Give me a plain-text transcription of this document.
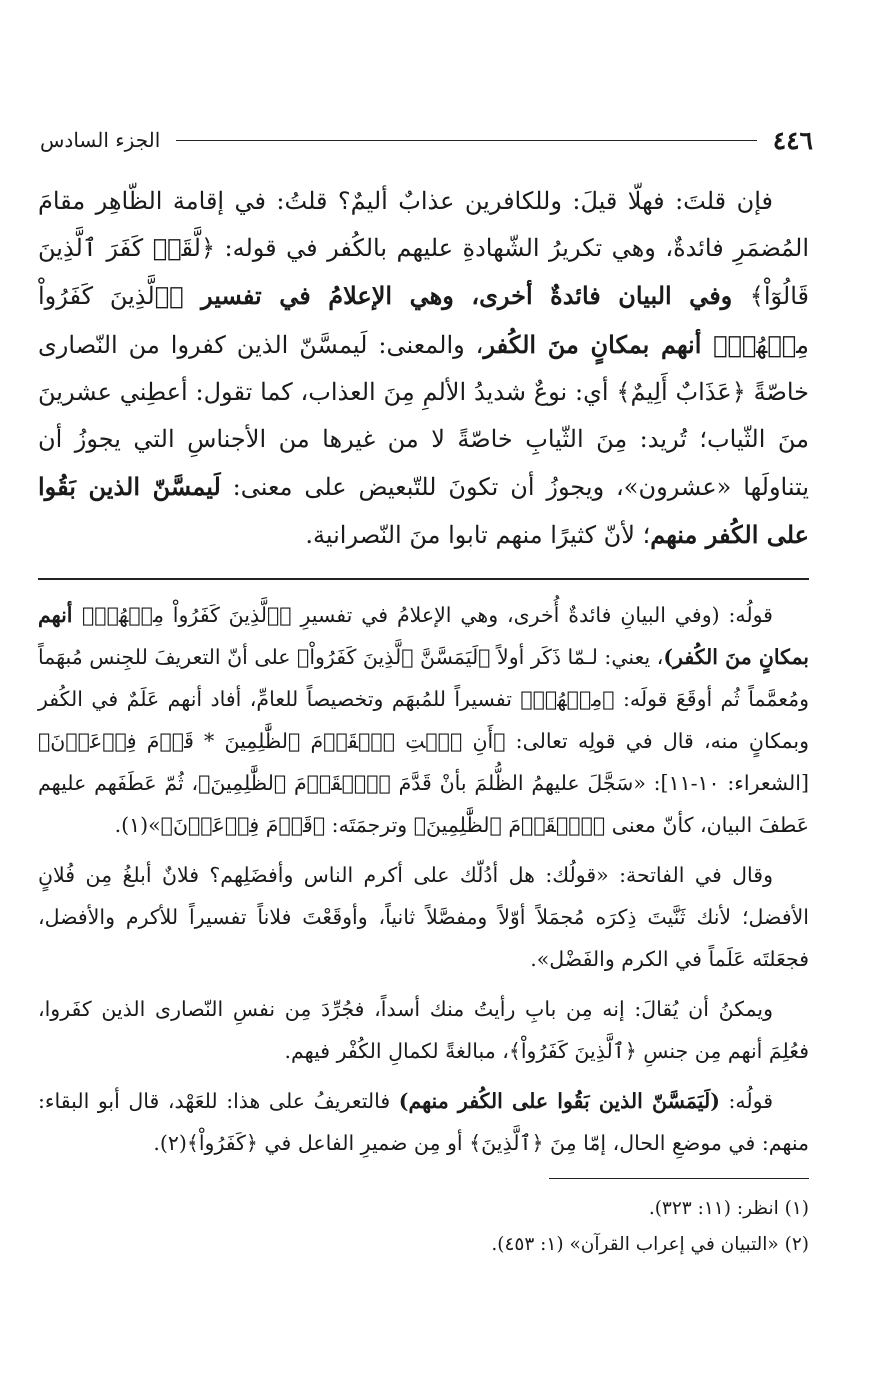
٤٤٦
الجزء السادس

فإن قلتَ: فهلّا قيلَ: وللكافرين عذابٌ أليمٌ؟ قلتُ: في إقامة الظّاهِر مقامَ المُضمَرِ فائدةٌ، وهي تكريرُ الشّهادةِ عليهم بالكُفر في قوله: ﴿لَّقَدۡ كَفَرَ ٱلَّذِينَ قَالُوٓاْ﴾ وفي البيان فائدةٌ أخرى، وهي الإعلامُ في تفسير ﴿ٱلَّذِينَ كَفَرُواْ مِنۡهُمۡ﴾ أنهم بمكانٍ منَ الكُفر، والمعنى: لَيمسَّنّ الذين كفروا من النّصارى خاصّةً ﴿عَذَابٌ أَلِيمٌ﴾ أي: نوعٌ شديدُ الألمِ مِنَ العذاب، كما تقول: أعطِني عشرينَ منَ الثّياب؛ تُريد: مِنَ الثّيابِ خاصّةً لا من غيرها من الأجناسِ التي يجوزُ أن يتناولَها «عشرون»، ويجوزُ أن تكونَ للتّبعيض على معنى: لَيمسَّنّ الذين بَقُوا على الكُفر منهم؛ لأنّ كثيرًا منهم تابوا منَ النّصرانية.

قولُه: (وفي البيانِ فائدةٌ أُخرى، وهي الإعلامُ في تفسيرِ ﴿ٱلَّذِينَ كَفَرُواْ مِنۡهُمۡ﴾ أنهم بمكانٍ منَ الكُفر)، يعني: لـمّا ذَكَر أولاً ﴿لَيَمَسَّنَّ ٱلَّذِينَ كَفَرُواْ﴾ على أنّ التعريفَ للجِنس مُبهَماً ومُعمَّماً ثُم أوقَعَ قولَه: ﴿مِنۡهُمۡ﴾ تفسيراً للمُبهَم وتخصيصاً للعامِّ، أفاد أنهم عَلَمٌ في الكُفر وبمكانٍ منه، قال في قولِه تعالى: ﴿أَنِ ٱئۡتِ ٱلۡقَوۡمَ ٱلظَّٰلِمِينَ * قَوۡمَ فِرۡعَوۡنَ﴾ [الشعراء: ١٠-١١]: «سَجَّلَ عليهمُ الظُّلمَ بأنْ قَدَّمَ ﴿ٱلۡقَوۡمَ ٱلظَّٰلِمِينَ﴾، ثُمّ عَطَفَهم عليهم عَطفَ البيان، كأنّ معنى ﴿ٱلۡقَوۡمَ ٱلظَّٰلِمِينَ﴾ وترجمَتَه: ﴿قَوۡمَ فِرۡعَوۡنَ﴾»(١).

وقال في الفاتحة: «قولُك: هل أدُلّك على أكرم الناس وأفضَلِهم؟ فلانٌ أبلغُ مِن فُلانٍ الأفضل؛ لأنك ثَنَّيتَ ذِكرَه مُجمَلاً أوّلاً ومفصَّلاً ثانياً، وأوقَعْتَ فلاناً تفسيراً للأكرم والأفضل، فجعَلتَه عَلَماً في الكرم والفَضْل».

ويمكنُ أن يُقالَ: إنه مِن بابِ رأيتُ منك أسداً، فجُرِّدَ مِن نفسِ النّصارى الذين كفَروا، فعُلِمَ أنهم مِن جنسِ ﴿ٱلَّذِينَ كَفَرُواْ﴾، مبالغةً لكمالِ الكُفْر فيهم.

قولُه: (لَيَمَسَّنّ الذين بَقُوا على الكُفر منهم) فالتعريفُ على هذا: للعَهْد، قال أبو البقاء: منهم: في موضعِ الحال، إمّا مِنَ ﴿ٱلَّذِينَ﴾ أو مِن ضميرِ الفاعل في ﴿كَفَرُواْ﴾(٢).

(١) انظر: (١١: ٣٢٣).
(٢) «التبيان في إعراب القرآن» (١: ٤٥٣).
